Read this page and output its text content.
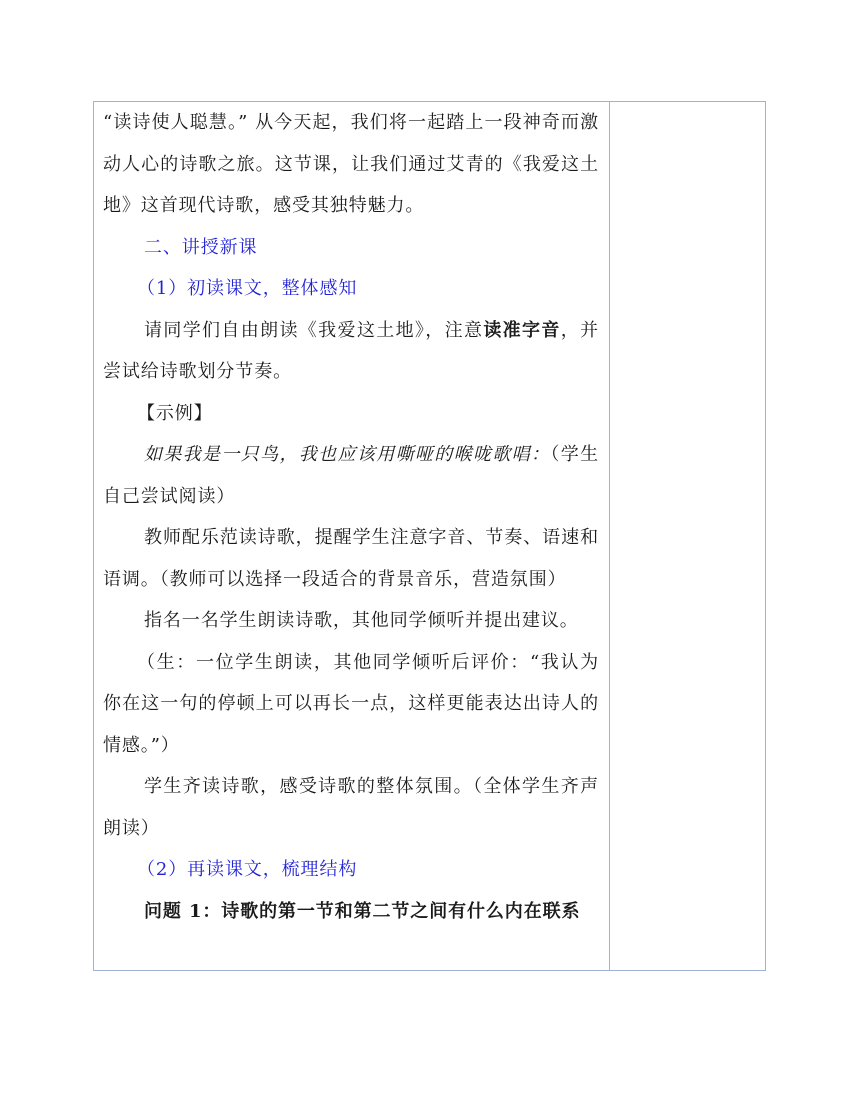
“读诗使人聪慧。” 从今天起，我们将一起踏上一段神奇而激动人心的诗歌之旅。这节课，让我们通过艾青的《我爱这土地》这首现代诗歌，感受其独特魅力。

二、讲授新课

（1）初读课文，整体感知

请同学们自由朗读《我爱这土地》，注意读准字音，并尝试给诗歌划分节奏。

【示例】

如果我是一只鸟，我也应该用嘶哑的喉咙歌唱：（学生自己尝试阅读）

教师配乐范读诗歌，提醒学生注意字音、节奏、语速和语调。（教师可以选择一段适合的背景音乐，营造氛围）

指名一名学生朗读诗歌，其他同学倾听并提出建议。

（生：一位学生朗读，其他同学倾听后评价：“我认为你在这一句的停顿上可以再长一点，这样更能表达出诗人的情感。”）

学生齐读诗歌，感受诗歌的整体氛围。（全体学生齐声朗读）

（2）再读课文，梳理结构

问题 1：诗歌的第一节和第二节之间有什么内在联系
